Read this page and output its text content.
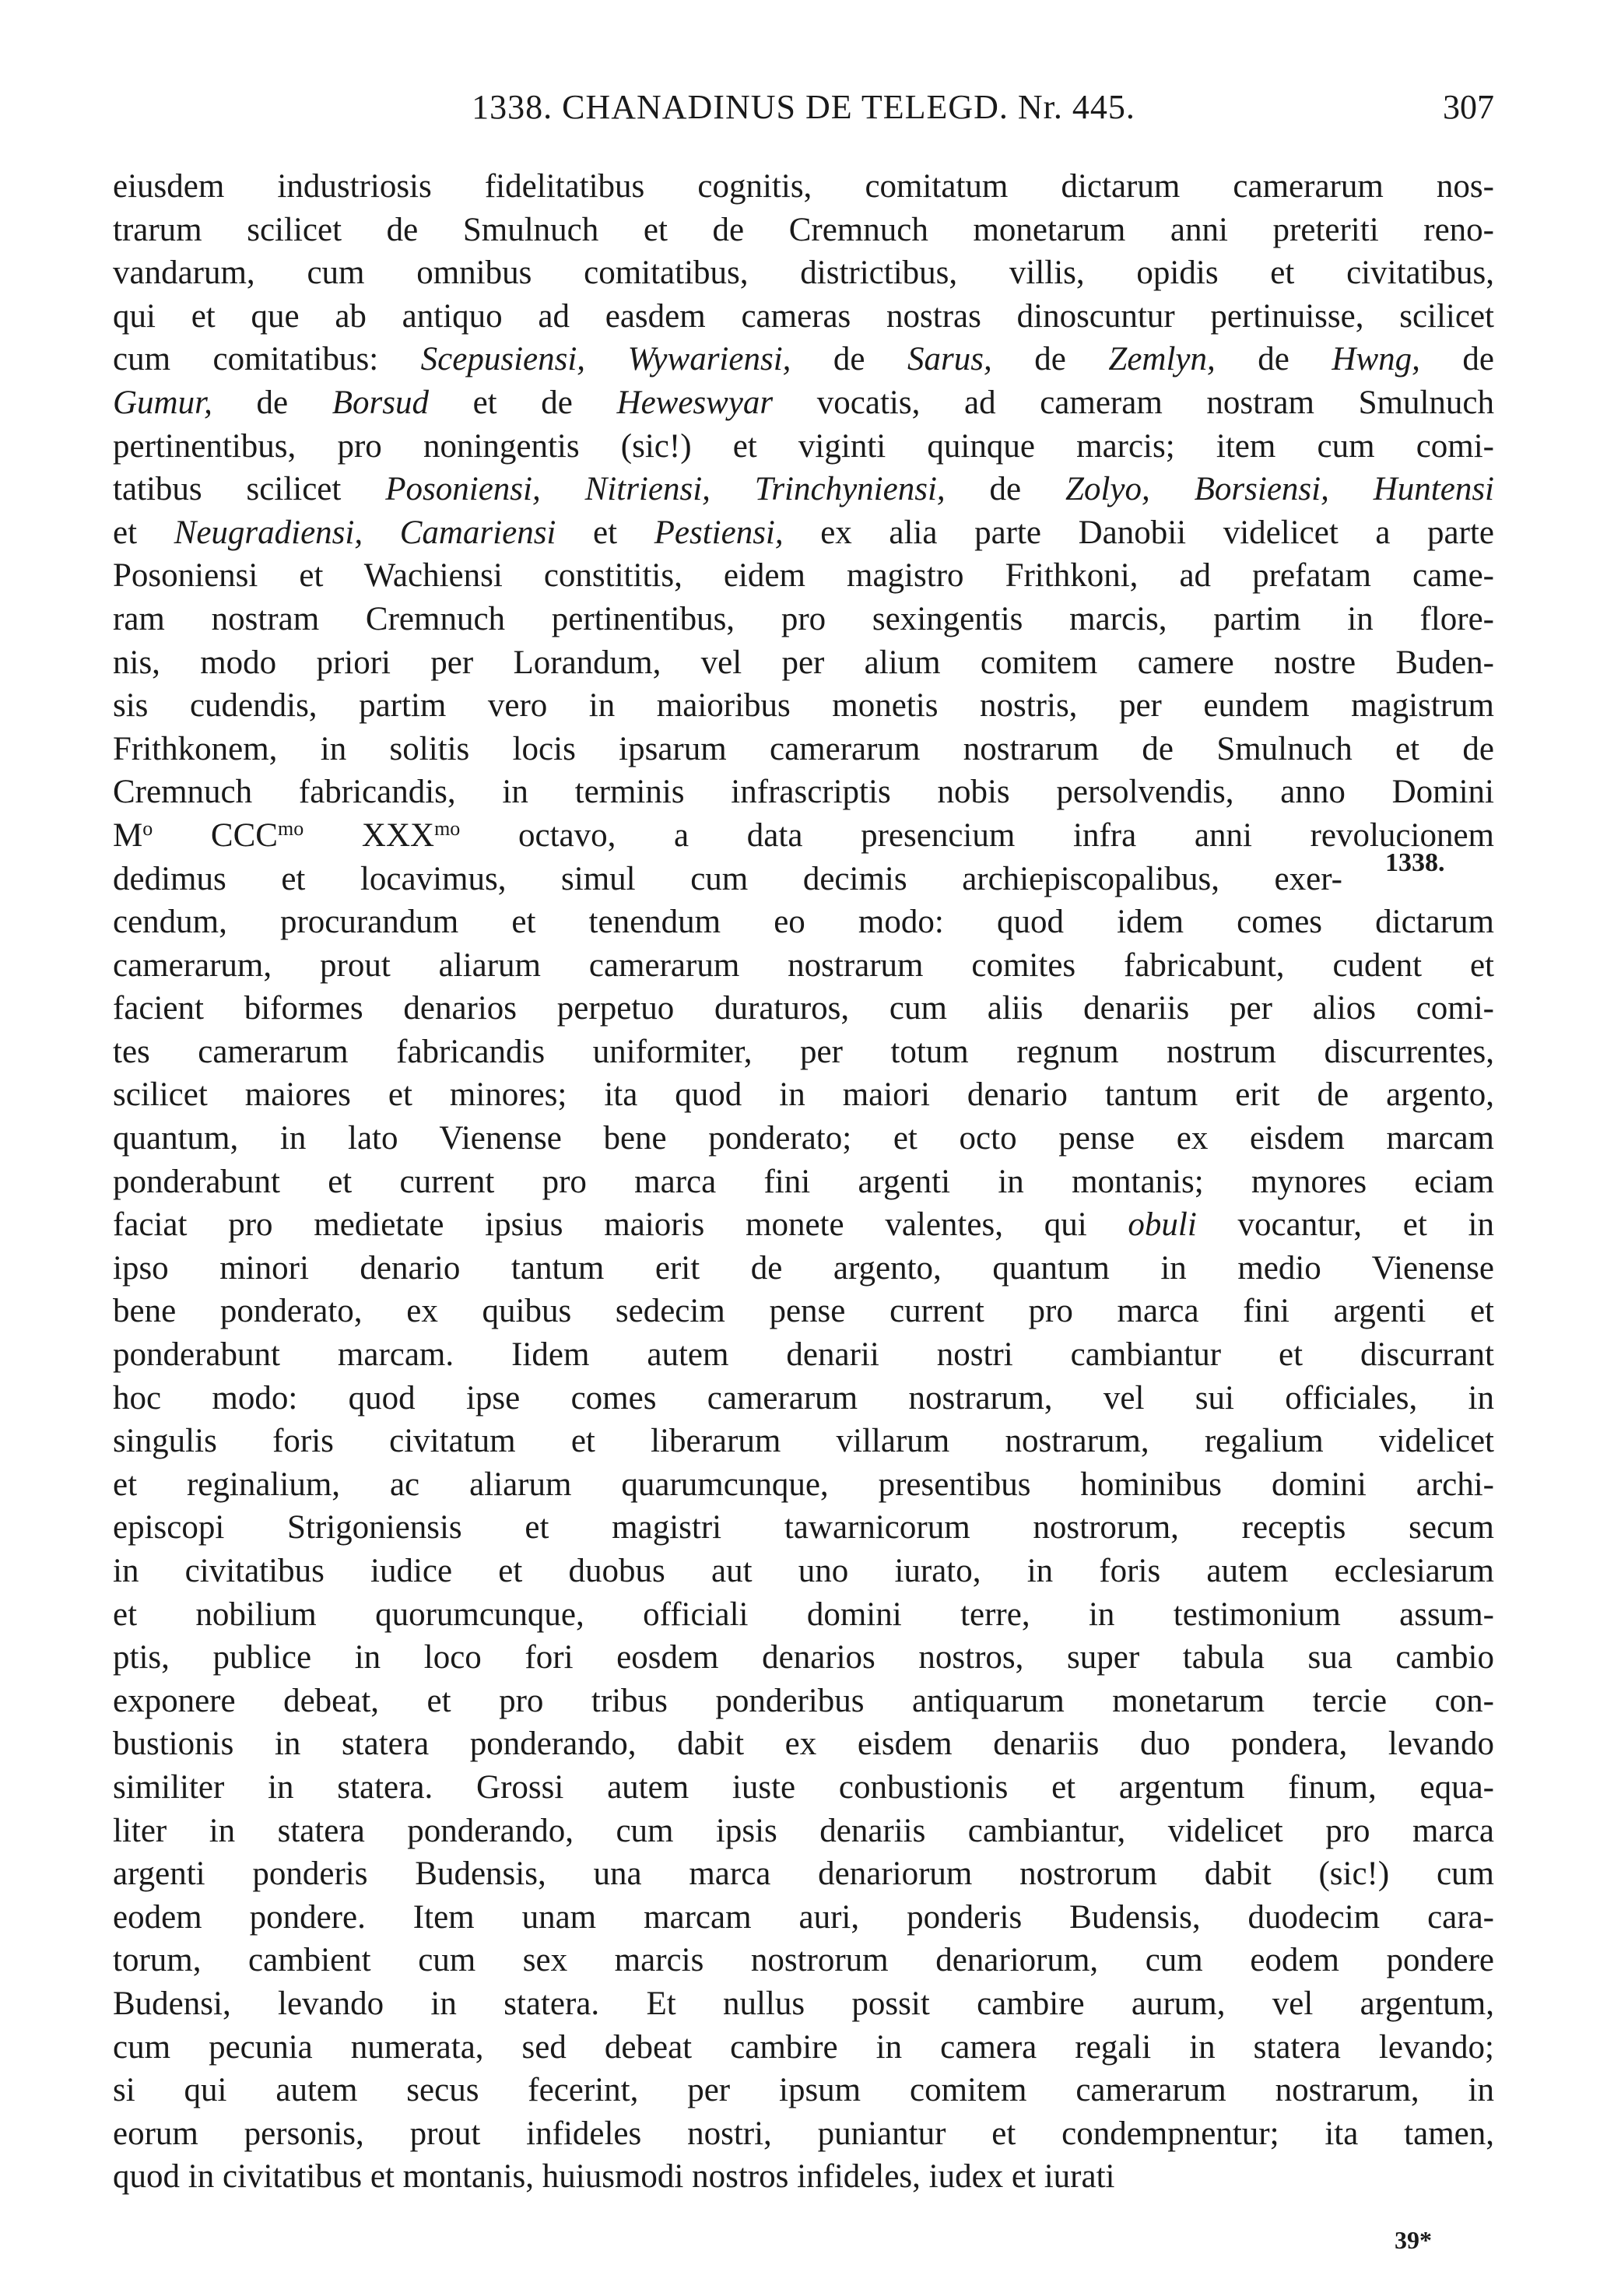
1338. CHANADINUS DE TELEGD. Nr. 445.	307
eiusdem industriosis fidelitatibus cognitis, comitatum dictarum camerarum nos-
trarum scilicet de Smulnuch et de Cremnuch monetarum anni preteriti reno-
vandarum, cum omnibus comitatibus, districtibus, villis, opidis et civitatibus,
qui et que ab antiquo ad easdem cameras nostras dinoscuntur pertinuisse, scilicet
cum comitatibus: Scepusiensi, Wywariensi, de Sarus, de Zemlyn, de Hwng, de
Gumur, de Borsud et de Heweswyar vocatis, ad cameram nostram Smulnuch
pertinentibus, pro noningentis (sic!) et viginti quinque marcis; item cum comi-
tatibus scilicet Posoniensi, Nitriensi, Trinchyniensi, de Zolyo, Borsiensi, Huntensi
et Neugradiensi, Camariensi et Pestiensi, ex alia parte Danobii videlicet a parte
Posoniensi et Wachiensi constititis, eidem magistro Frithkoni, ad prefatam came-
ram nostram Cremnuch pertinentibus, pro sexingentis marcis, partim in flore-
nis, modo priori per Lorandum, vel per alium comitem camere nostre Buden-
sis cudendis, partim vero in maioribus monetis nostris, per eundem magistrum
Frithkonem, in solitis locis ipsarum camerarum nostrarum de Smulnuch et de
Cremnuch fabricandis, in terminis infrascriptis nobis persolvendis, anno Domini
$M^o$ $CCC^{mo}$ $XXX^{mo}$ octavo, a data presencium infra anni revolucionem
dedimus et locavimus, simul cum decimis archiepiscopalibus, exer-
cendum, procurandum et tenendum eo modo: quod idem comes dictarum
camerarum, prout aliarum camerarum nostrarum comites fabricabunt, cudent et
facient biformes denarios perpetuo duraturos, cum aliis denariis per alios comi-
tes camerarum fabricandis uniformiter, per totum regnum nostrum discurrentes,
scilicet maiores et minores; ita quod in maiori denario tantum erit de argento,
quantum, in lato Vienense bene ponderato; et octo pense ex eisdem marcam
ponderabunt et current pro marca fini argenti in montanis; mynores eciam
faciat pro medietate ipsius maioris monete valentes, qui obuli vocantur, et in
ipso minori denario tantum erit de argento, quantum in medio Vienense
bene ponderato, ex quibus sedecim pense current pro marca fini argenti et
ponderabunt marcam. Iidem autem denarii nostri cambiantur et discurrant
hoc modo: quod ipse comes camerarum nostrarum, vel sui officiales, in
singulis foris civitatum et liberarum villarum nostrarum, regalium videlicet
et reginalium, ac aliarum quarumcunque, presentibus hominibus domini archi-
episcopi Strigoniensis et magistri tawarnicorum nostrorum, receptis secum
in civitatibus iudice et duobus aut uno iurato, in foris autem ecclesiarum
et nobilium quorumcunque, officiali domini terre, in testimonium assum-
ptis, publice in loco fori eosdem denarios nostros, super tabula sua cambio
exponere debeat, et pro tribus ponderibus antiquarum monetarum tercie con-
bustionis in statera ponderando, dabit ex eisdem denariis duo pondera, levando
similiter in statera. Grossi autem iuste conbustionis et argentum finum, equa-
liter in statera ponderando, cum ipsis denariis cambiantur, videlicet pro marca
argenti ponderis Budensis, una marca denariorum nostrorum dabit (sic!) cum
eodem pondere. Item unam marcam auri, ponderis Budensis, duodecim cara-
torum, cambient cum sex marcis nostrorum denariorum, cum eodem pondere
Budensi, levando in statera. Et nullus possit cambire aurum, vel argentum,
cum pecunia numerata, sed debeat cambire in camera regali in statera levando;
si qui autem secus fecerint, per ipsum comitem camerarum nostrarum, in
eorum personis, prout infideles nostri, puniantur et condempnentur; ita tamen,
quod in civitatibus et montanis, huiusmodi nostros infideles, iudex et iurati
1338.
39*
